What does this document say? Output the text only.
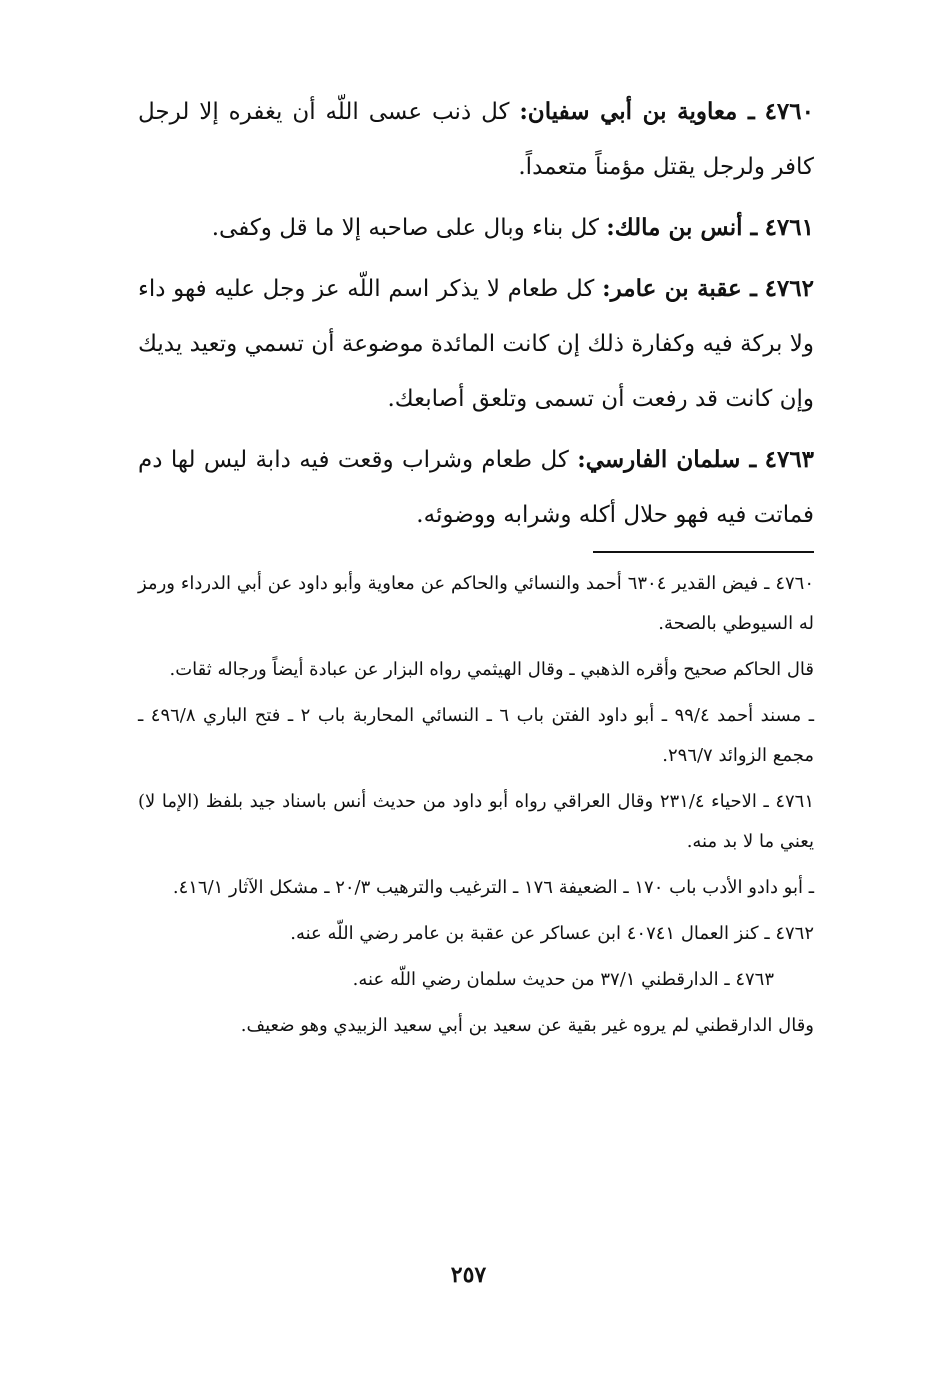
٤٧٦٠ ـ معاوية بن أبي سفيان: كل ذنب عسى اللّه أن يغفره إلا لرجل كافر ولرجل يقتل مؤمناً متعمداً.

٤٧٦١ ـ أنس بن مالك: كل بناء وبال على صاحبه إلا ما قل وكفى.

٤٧٦٢ ـ عقبة بن عامر: كل طعام لا يذكر اسم اللّه عز وجل عليه فهو داء ولا بركة فيه وكفارة ذلك إن كانت المائدة موضوعة أن تسمي وتعيد يديك وإن كانت قد رفعت أن تسمى وتلعق أصابعك.

٤٧٦٣ ـ سلمان الفارسي: كل طعام وشراب وقعت فيه دابة ليس لها دم فماتت فيه فهو حلال أكله وشرابه ووضوئه.

٤٧٦٠ ـ فيض القدير ٦٣٠٤ أحمد والنسائي والحاكم عن معاوية وأبو داود عن أبي الدرداء ورمز له السيوطي بالصحة.

قال الحاكم صحيح وأقره الذهبي ـ وقال الهيثمي رواه البزار عن عبادة أيضاً ورجاله ثقات.

ـ مسند أحمد ٩٩/٤ ـ أبو داود الفتن باب ٦ ـ النسائي المحاربة باب ٢ ـ فتح الباري ٤٩٦/٨ ـ مجمع الزوائد ٢٩٦/٧.

٤٧٦١ ـ الاحياء ٢٣١/٤ وقال العراقي رواه أبو داود من حديث أنس باسناد جيد بلفظ (الإما لا) يعني ما لا بد منه.

ـ أبو دادو الأدب باب ١٧٠ ـ الضعيفة ١٧٦ ـ الترغيب والترهيب ٢٠/٣ ـ مشكل الآثار ٤١٦/١.

٤٧٦٢ ـ كنز العمال ٤٠٧٤١ ابن عساكر عن عقبة بن عامر رضي اللّه عنه.

٤٧٦٣ ـ الدارقطني ٣٧/١ من حديث سلمان رضي اللّه عنه.

وقال الدارقطني لم يروه غير بقية عن سعيد بن أبي سعيد الزبيدي وهو ضعيف.

٢٥٧
